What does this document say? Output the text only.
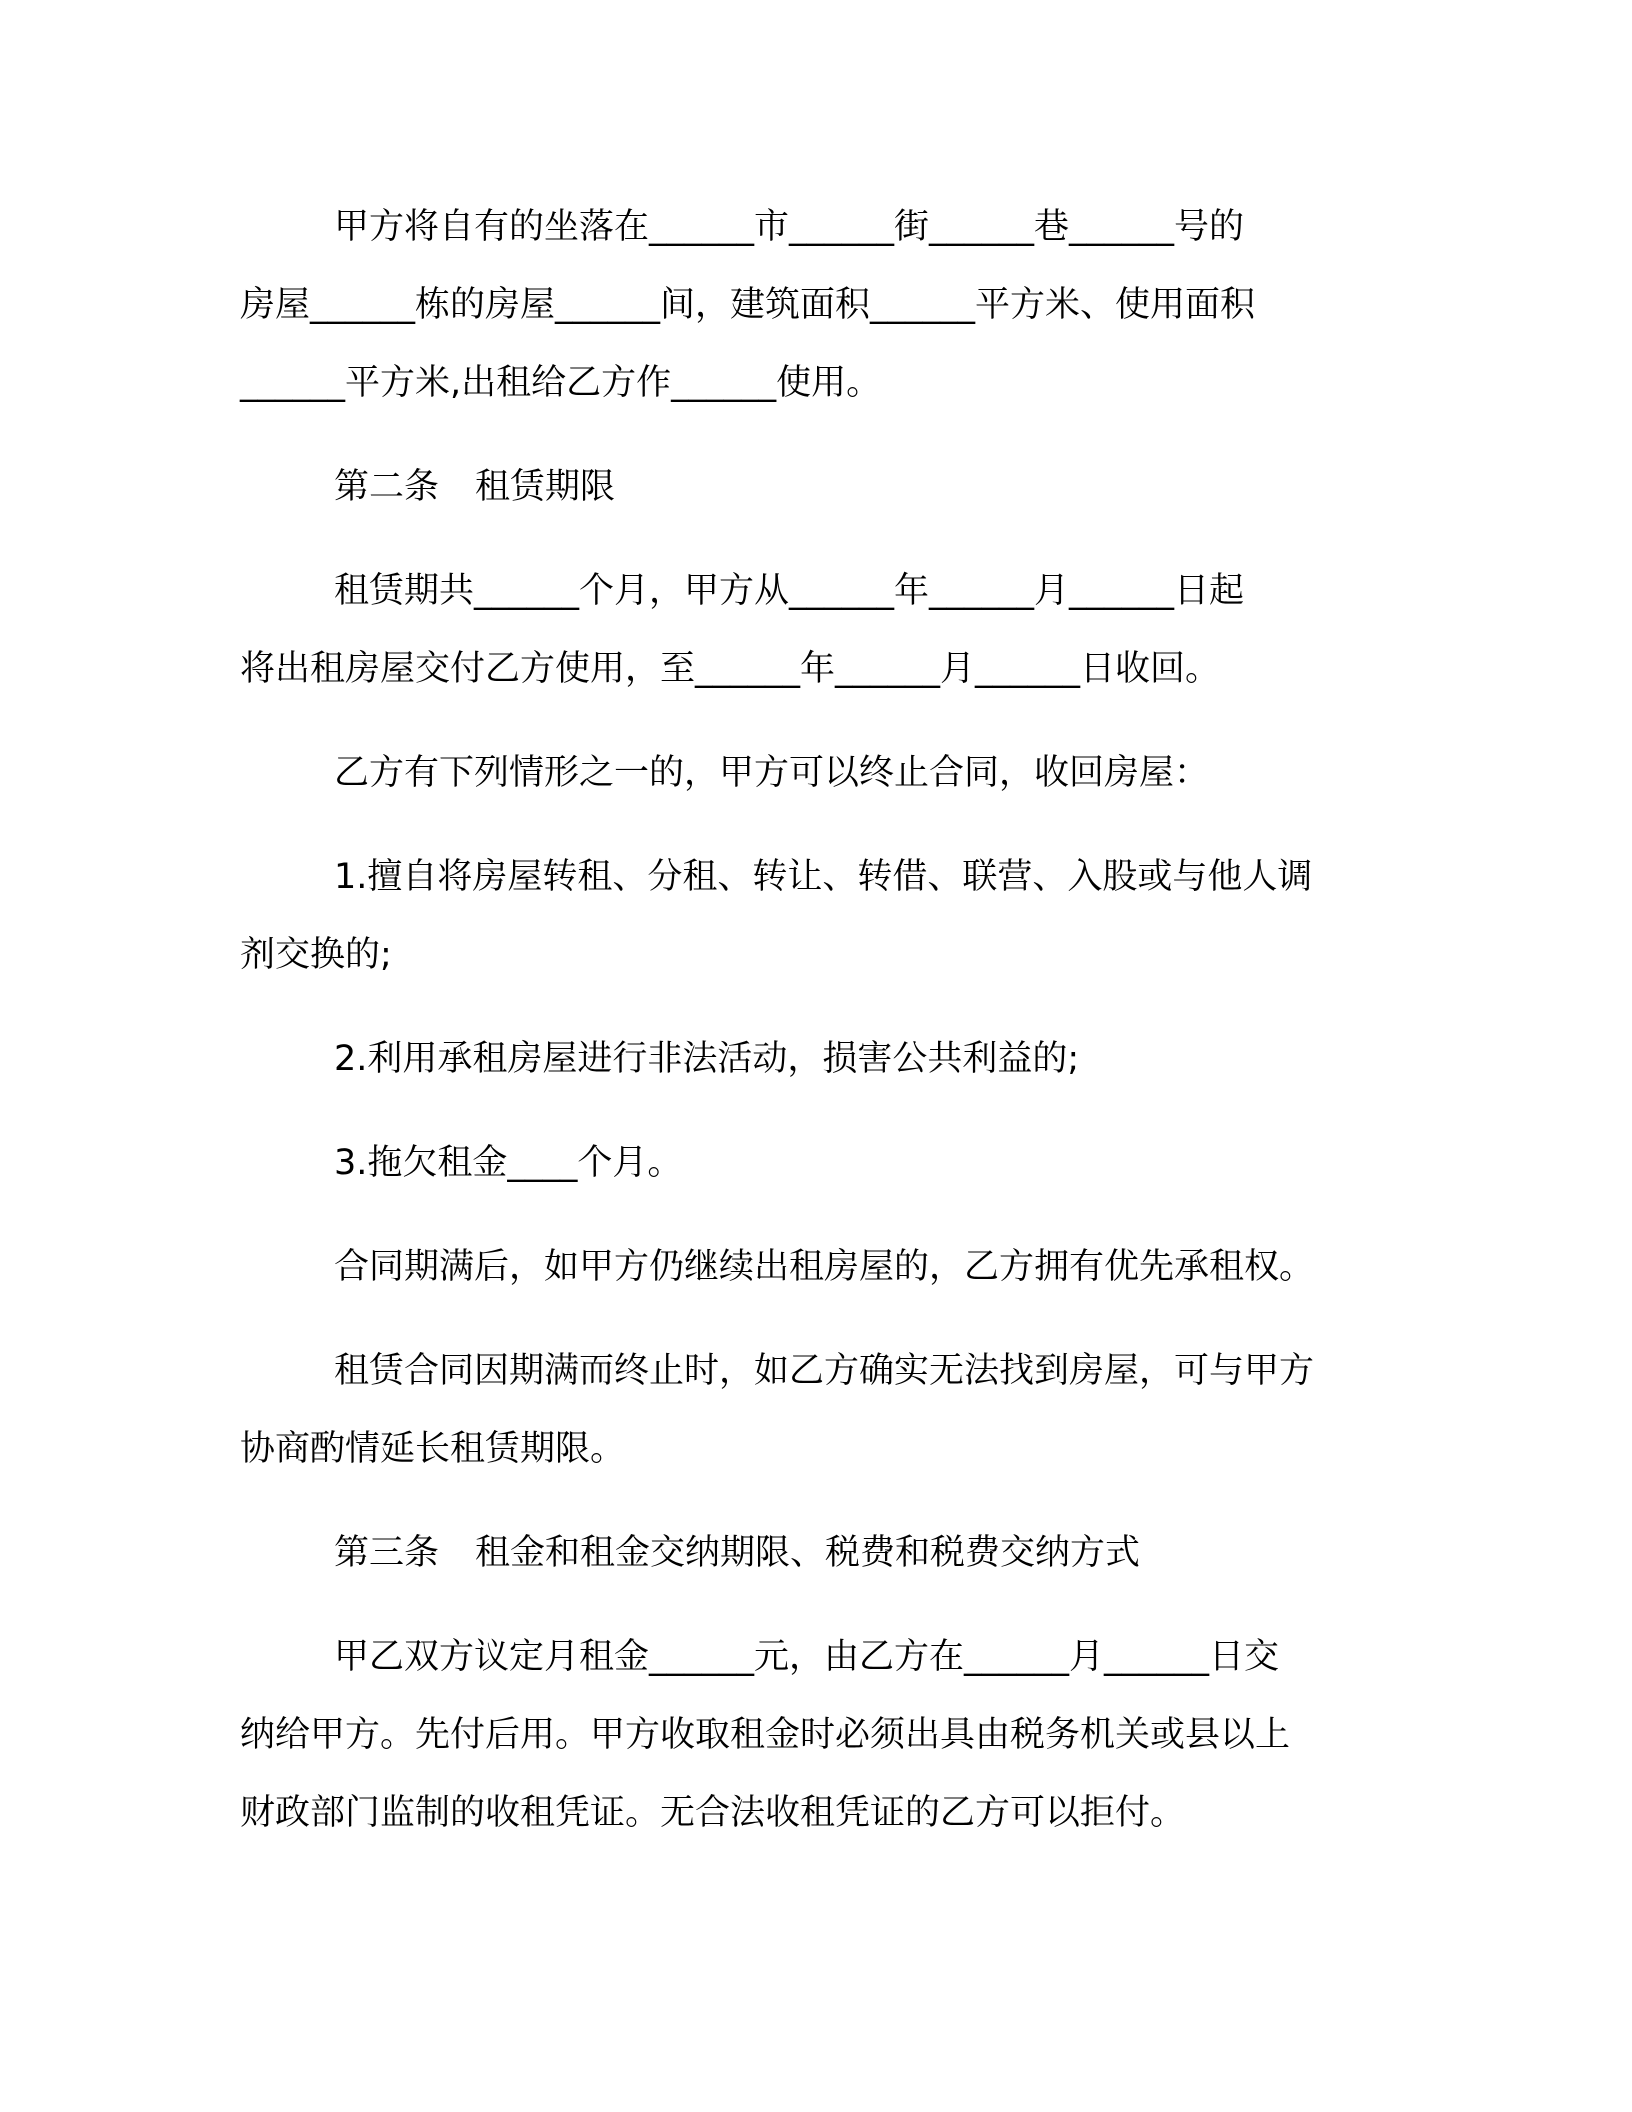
甲方将自有的坐落在______市______街______巷______号的
房屋______栋的房屋______间，建筑面积______平方米、使用面积
______平方米,出租给乙方作______使用。
第二条 租赁期限
租赁期共______个月，甲方从______年______月______日起
将出租房屋交付乙方使用，至______年______月______日收回。
乙方有下列情形之一的，甲方可以终止合同，收回房屋：
1.擅自将房屋转租、分租、转让、转借、联营、入股或与他人调
剂交换的;
2.利用承租房屋进行非法活动，损害公共利益的;
3.拖欠租金____个月。
合同期满后，如甲方仍继续出租房屋的，乙方拥有优先承租权。
租赁合同因期满而终止时，如乙方确实无法找到房屋，可与甲方
协商酌情延长租赁期限。
第三条 租金和租金交纳期限、税费和税费交纳方式
甲乙双方议定月租金______元，由乙方在______月______日交
纳给甲方。先付后用。甲方收取租金时必须出具由税务机关或县以上
财政部门监制的收租凭证。无合法收租凭证的乙方可以拒付。
